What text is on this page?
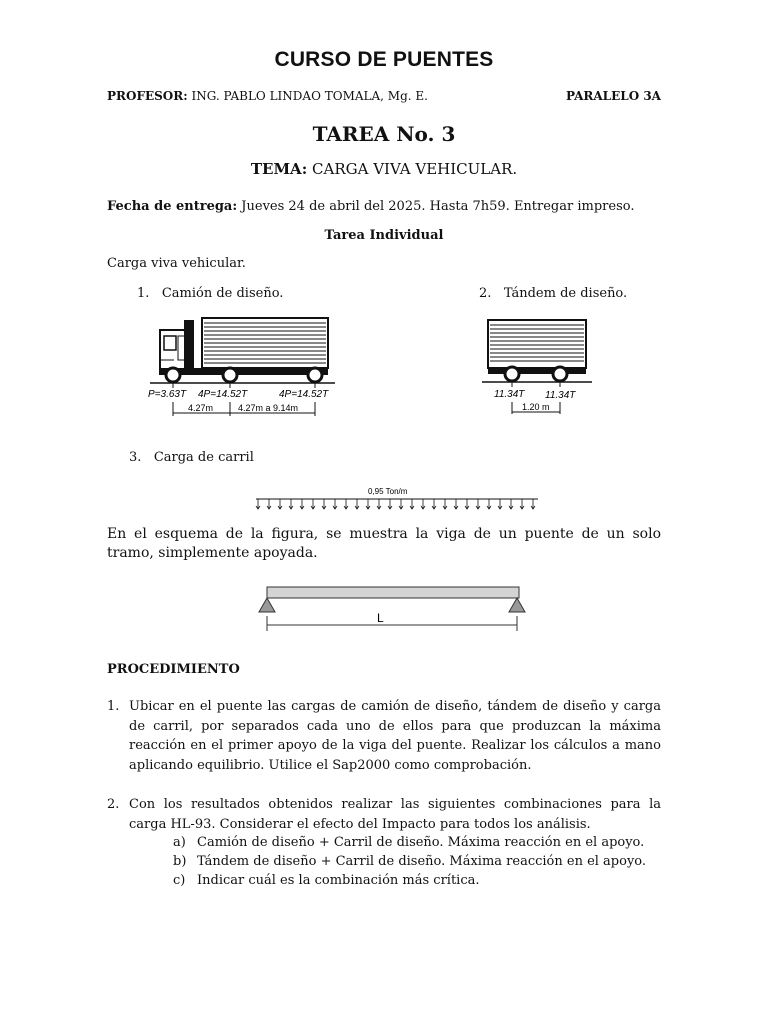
CURSO DE PUENTES
PROFESOR: ING. PABLO LINDAO TOMALA, Mg. E.	PARALELO 3A
TAREA No. 3
TEMA: CARGA VIVA VEHICULAR.
Fecha de entrega: Jueves 24 de abril del 2025. Hasta 7h59. Entregar impreso.
Tarea Individual
Carga viva vehicular.
1. Camión de diseño.	2. Tándem de diseño.
P=3.63T 4P=14.52T	4P=14.52T
4.27m	4.27m a 9.14m
11.34T 11.34T
1.20 m
3. Carga de carril
0,95 Ton/m
En el esquema de la figura, se muestra la viga de un puente de un solo tramo, simplemente apoyada.
L
PROCEDIMIENTO
1. Ubicar en el puente las cargas de camión de diseño, tándem de diseño y carga de carril, por separados cada uno de ellos para que produzcan la máxima reacción en el primer apoyo de la viga del puente. Realizar los cálculos a mano aplicando equilibrio. Utilice el Sap2000 como comprobación.
2. Con los resultados obtenidos realizar las siguientes combinaciones para la carga HL-93. Considerar el efecto del Impacto para todos los análisis.
a) Camión de diseño + Carril de diseño. Máxima reacción en el apoyo.
b) Tándem de diseño + Carril de diseño. Máxima reacción en el apoyo.
c) Indicar cuál es la combinación más crítica.
